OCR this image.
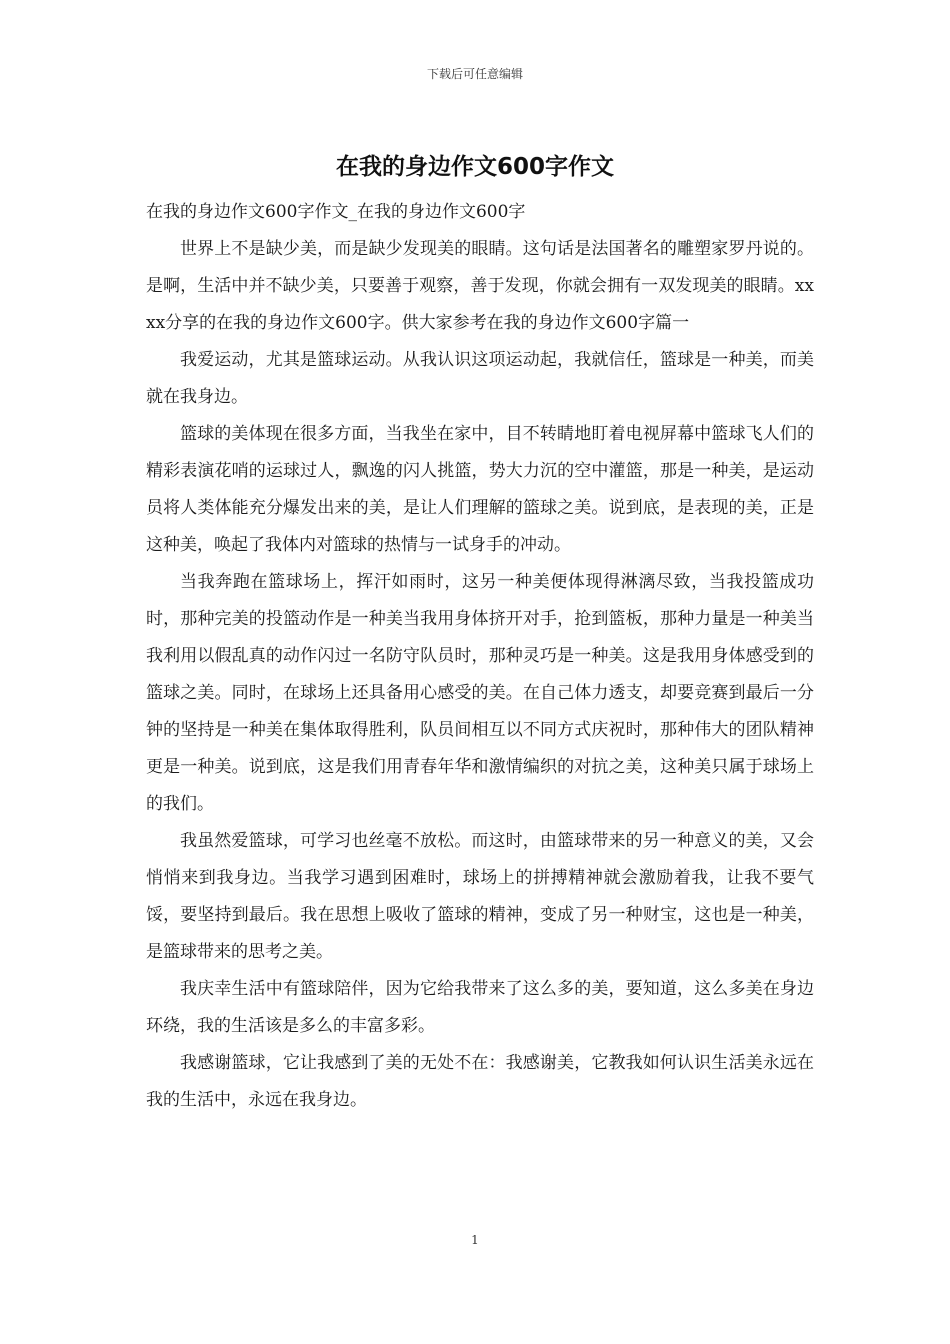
下载后可任意编辑
在我的身边作文600字作文

在我的身边作文600字作文_在我的身边作文600字

世界上不是缺少美，而是缺少发现美的眼睛。这句话是法国著名的雕塑家罗丹说的。是啊，生活中并不缺少美，只要善于观察，善于发现，你就会拥有一双发现美的眼睛。xxxx分享的在我的身边作文600字。供大家参考在我的身边作文600字篇一

我爱运动，尤其是篮球运动。从我认识这项运动起，我就信任，篮球是一种美，而美就在我身边。

篮球的美体现在很多方面，当我坐在家中，目不转睛地盯着电视屏幕中篮球飞人们的精彩表演花哨的运球过人，飘逸的闪人挑篮，势大力沉的空中灌篮，那是一种美，是运动员将人类体能充分爆发出来的美，是让人们理解的篮球之美。说到底，是表现的美，正是这种美，唤起了我体内对篮球的热情与一试身手的冲动。

当我奔跑在篮球场上，挥汗如雨时，这另一种美便体现得淋漓尽致，当我投篮成功时，那种完美的投篮动作是一种美当我用身体挤开对手，抢到篮板，那种力量是一种美当我利用以假乱真的动作闪过一名防守队员时，那种灵巧是一种美。这是我用身体感受到的篮球之美。同时，在球场上还具备用心感受的美。在自己体力透支，却要竞赛到最后一分钟的坚持是一种美在集体取得胜利，队员间相互以不同方式庆祝时，那种伟大的团队精神更是一种美。说到底，这是我们用青春年华和激情编织的对抗之美，这种美只属于球场上的我们。

我虽然爱篮球，可学习也丝毫不放松。而这时，由篮球带来的另一种意义的美，又会悄悄来到我身边。当我学习遇到困难时，球场上的拼搏精神就会激励着我，让我不要气馁，要坚持到最后。我在思想上吸收了篮球的精神，变成了另一种财宝，这也是一种美，是篮球带来的思考之美。

我庆幸生活中有篮球陪伴，因为它给我带来了这么多的美，要知道，这么多美在身边环绕，我的生活该是多么的丰富多彩。

我感谢篮球，它让我感到了美的无处不在：我感谢美，它教我如何认识生活美永远在我的生活中，永远在我身边。

1
